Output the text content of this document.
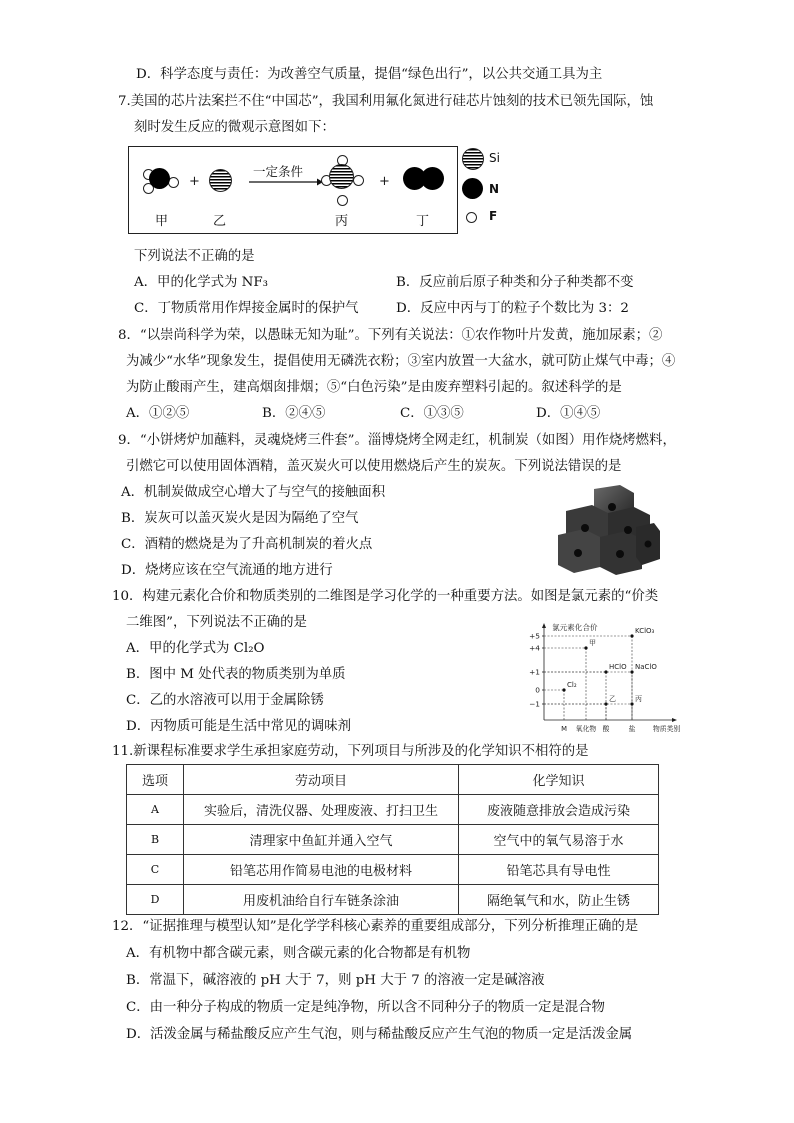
D．科学态度与责任：为改善空气质量，提倡“绿色出行”，以公共交通工具为主
7.美国的芯片法案拦不住“中国芯”，我国利用氟化氮进行硅芯片蚀刻的技术已领先国际，蚀
刻时发生反应的微观示意图如下：
+
一定条件
+
甲	乙	丙	丁
Si
N
F
下列说法不正确的是
A．甲的化学式为 NF₃	B．反应前后原子种类和分子种类都不变
C．丁物质常用作焊接金属时的保护气	D．反应中丙与丁的粒子个数比为 3：2
8．“以崇尚科学为荣，以愚昧无知为耻”。下列有关说法：①农作物叶片发黄，施加尿素；②
为减少“水华”现象发生，提倡使用无磷洗衣粉；③室内放置一大盆水，就可防止煤气中毒；④
为防止酸雨产生，建高烟囱排烟；⑤“白色污染”是由废弃塑料引起的。叙述科学的是
A．①②⑤	B．②④⑤	C．①③⑤	D．①④⑤
9．“小饼烤炉加蘸料，灵魂烧烤三件套”。淄博烧烤全网走红，机制炭（如图）用作烧烤燃料，
引燃它可以使用固体酒精，盖灭炭火可以使用燃烧后产生的炭灰。下列说法错误的是
A．机制炭做成空心增大了与空气的接触面积
B．炭灰可以盖灭炭火是因为隔绝了空气
C．酒精的燃烧是为了升高机制炭的着火点
D．烧烤应该在空气流通的地方进行
10．构建元素化合价和物质类别的二维图是学习化学的一种重要方法。如图是氯元素的“价类
二维图”，下列说法不正确的是
A．甲的化学式为 Cl₂O
B．图中 M 处代表的物质类别为单质
C．乙的水溶液可以用于金属除锈
D．丙物质可能是生活中常见的调味剂
氯元素化合价
物质类别
+5
+4
+1
0
−1
M 氧化物 酸	盐
KClO₃
甲
HClO NaClO
Cl₂
乙	丙
11.新课程标准要求学生承担家庭劳动，下列项目与所涉及的化学知识不相符的是
选项	劳动项目	化学知识
A	实验后，清洗仪器、处理废液、打扫卫生	废液随意排放会造成污染
B	清理家中鱼缸并通入空气	空气中的氧气易溶于水
C	铅笔芯用作简易电池的电极材料	铅笔芯具有导电性
D	用废机油给自行车链条涂油	隔绝氧气和水，防止生锈
12．“证据推理与模型认知”是化学学科核心素养的重要组成部分，下列分析推理正确的是
A．有机物中都含碳元素，则含碳元素的化合物都是有机物
B．常温下，碱溶液的 pH 大于 7，则 pH 大于 7 的溶液一定是碱溶液
C．由一种分子构成的物质一定是纯净物，所以含不同种分子的物质一定是混合物
D．活泼金属与稀盐酸反应产生气泡，则与稀盐酸反应产生气泡的物质一定是活泼金属
